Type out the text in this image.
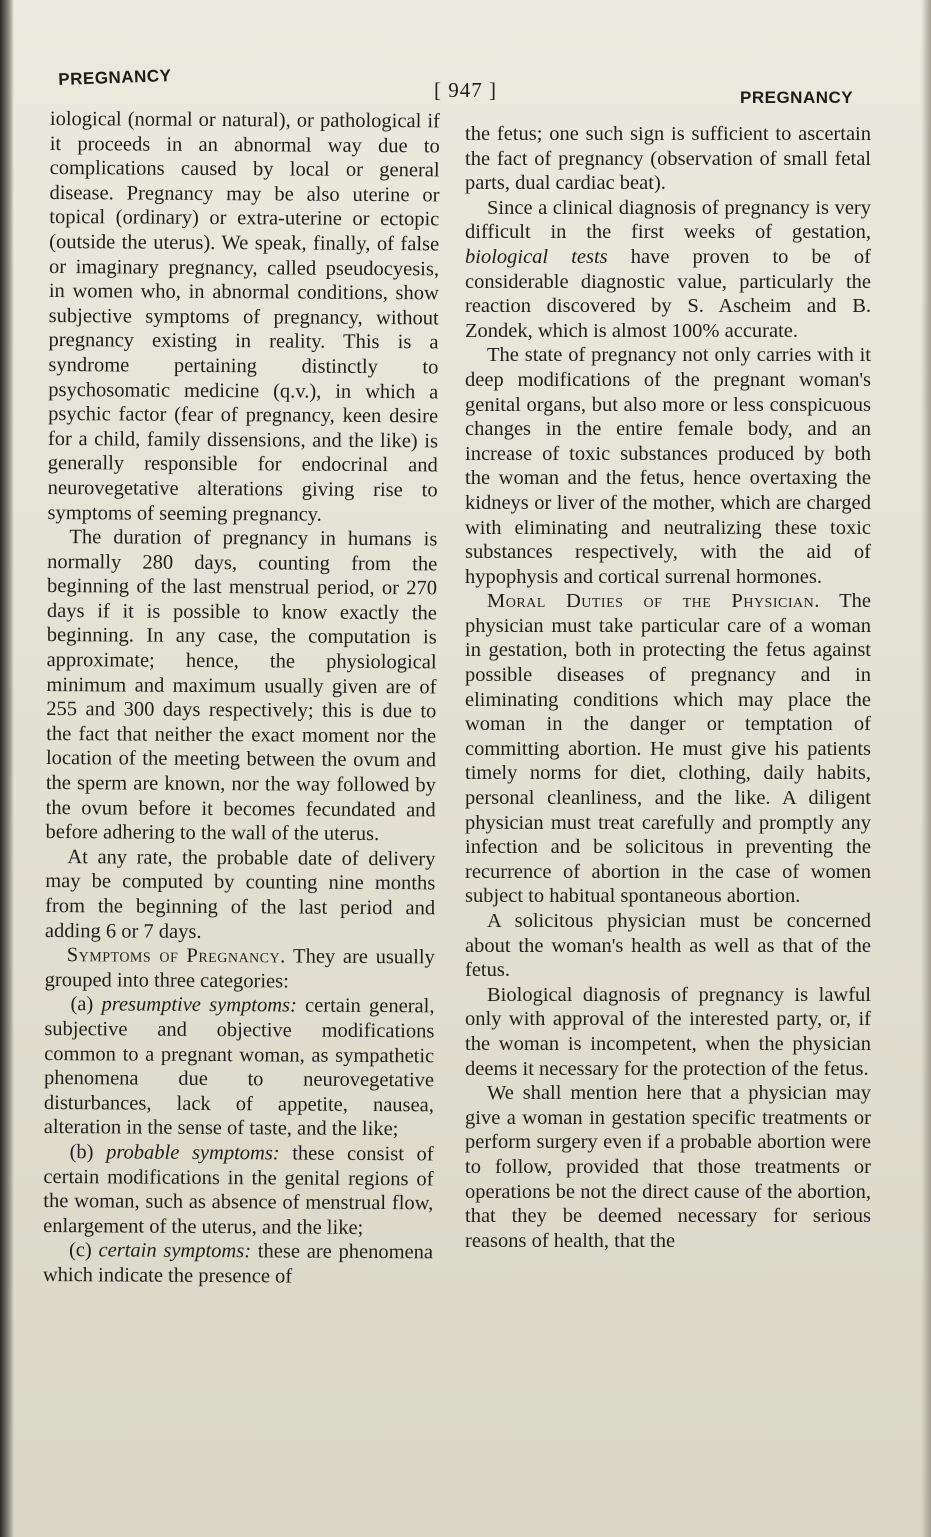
PREGNANCY
[ 947 ]	PREGNANCY

iological (normal or natural), or pathological if it proceeds in an abnormal way due to complications caused by local or general disease. Pregnancy may be also uterine or topical (ordinary) or extra-uterine or ectopic (outside the uterus). We speak, finally, of false or imaginary pregnancy, called pseudocyesis, in women who, in abnormal conditions, show subjective symptoms of pregnancy, without pregnancy existing in reality. This is a syndrome pertaining distinctly to psychosomatic medicine (q.v.), in which a psychic factor (fear of pregnancy, keen desire for a child, family dissensions, and the like) is generally responsible for endocrinal and neurovegetative alterations giving rise to symptoms of seeming pregnancy.

The duration of pregnancy in humans is normally 280 days, counting from the beginning of the last menstrual period, or 270 days if it is possible to know exactly the beginning. In any case, the computation is approximate; hence, the physiological minimum and maximum usually given are of 255 and 300 days respectively; this is due to the fact that neither the exact moment nor the location of the meeting between the ovum and the sperm are known, nor the way followed by the ovum before it becomes fecundated and before adhering to the wall of the uterus.

At any rate, the probable date of delivery may be computed by counting nine months from the beginning of the last period and adding 6 or 7 days.

Symptoms of Pregnancy. They are usually grouped into three categories:

(a) presumptive symptoms: certain general, subjective and objective modifications common to a pregnant woman, as sympathetic phenomena due to neurovegetative disturbances, lack of appetite, nausea, alteration in the sense of taste, and the like;

(b) probable symptoms: these consist of certain modifications in the genital regions of the woman, such as absence of menstrual flow, enlargement of the uterus, and the like;

(c) certain symptoms: these are phenomena which indicate the presence of

the fetus; one such sign is sufficient to ascertain the fact of pregnancy (observation of small fetal parts, dual cardiac beat).

Since a clinical diagnosis of pregnancy is very difficult in the first weeks of gestation, biological tests have proven to be of considerable diagnostic value, particularly the reaction discovered by S. Ascheim and B. Zondek, which is almost 100% accurate.

The state of pregnancy not only carries with it deep modifications of the pregnant woman's genital organs, but also more or less conspicuous changes in the entire female body, and an increase of toxic substances produced by both the woman and the fetus, hence overtaxing the kidneys or liver of the mother, which are charged with eliminating and neutralizing these toxic substances respectively, with the aid of hypophysis and cortical surrenal hormones.

Moral Duties of the Physician. The physician must take particular care of a woman in gestation, both in protecting the fetus against possible diseases of pregnancy and in eliminating conditions which may place the woman in the danger or temptation of committing abortion. He must give his patients timely norms for diet, clothing, daily habits, personal cleanliness, and the like. A diligent physician must treat carefully and promptly any infection and be solicitous in preventing the recurrence of abortion in the case of women subject to habitual spontaneous abortion.

A solicitous physician must be concerned about the woman's health as well as that of the fetus.

Biological diagnosis of pregnancy is lawful only with approval of the interested party, or, if the woman is incompetent, when the physician deems it necessary for the protection of the fetus.

We shall mention here that a physician may give a woman in gestation specific treatments or perform surgery even if a probable abortion were to follow, provided that those treatments or operations be not the direct cause of the abortion, that they be deemed necessary for serious reasons of health, that the
